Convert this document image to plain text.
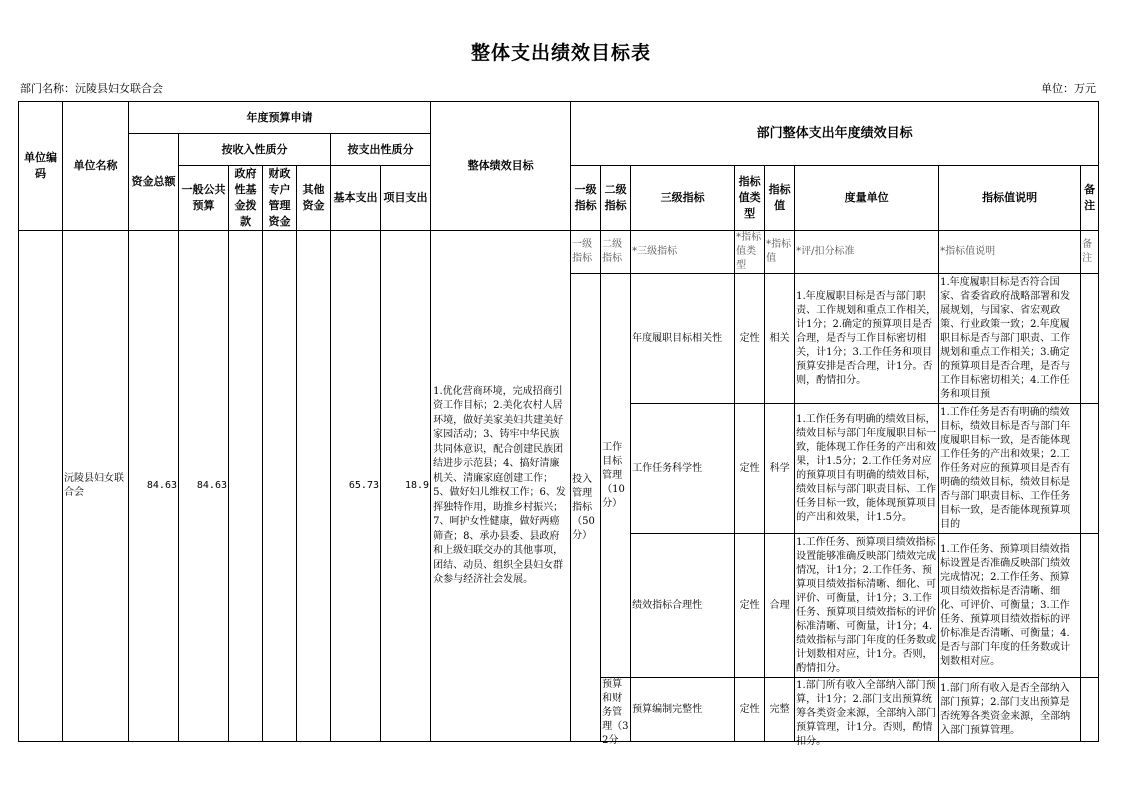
整体支出绩效目标表
部门名称：沅陵县妇女联合会	单位：万元
单位编码	单位名称	年度预算申请							整体绩效目标	部门整体支出年度绩效目标							
		资金总额	按收入性质分				按支出性质分										
			一般公共预算	政府性基金拨款	财政专户管理资金	其他资金	基本支出	项目支出		一级指标	二级指标	三级指标	指标值类型	指标值	度量单位	指标值说明	备注
	沅陵县妇女联合会	84.63	84.63				65.73	18.9	1.优化营商环境，完成招商引资工作目标；2.美化农村人居环境，做好美家美妇共建美好家园活动；3、铸牢中华民族共同体意识，配合创建民族团结进步示范县；4、搞好清廉机关、清廉家庭创建工作；5、做好妇儿维权工作；6、发挥独特作用，助推乡村振兴；7、呵护女性健康，做好两癌筛查；8、承办县委、县政府和上级妇联交办的其他事项，团结、动员、组织全县妇女群众参与经济社会发展。	一级指标	二级指标	*三级指标	*指标值类型	*指标值	*评/扣分标准	*指标值说明	备注
										投入管理指标（50分）	工作目标管理（10分）	年度履职目标相关性	定性	相关	1.年度履职目标是否与部门职责、工作规划和重点工作相关，计1分；2.确定的预算项目是否合理，是否与工作目标密切相关，计1分；3.工作任务和项目预算安排是否合理，计1分。否则，酌情扣分。	1.年度履职目标是否符合国家、省委省政府战略部署和发展规划，与国家、省宏观政策、行业政策一致；2.年度履职目标是否与部门职责、工作规划和重点工作相关；3.确定的预算项目是否合理，是否与工作目标密切相关；4.工作任务和项目预	

												工作任务科学性	定性	科学	1.工作任务有明确的绩效目标，绩效目标与部门年度履职目标一致，能体现工作任务的产出和效果，计1.5分；2.工作任务对应的预算项目有明确的绩效目标，绩效目标与部门职责目标、工作任务目标一致，能体现预算项目的产出和效果，计1.5分。	1.工作任务是否有明确的绩效目标，绩效目标是否与部门年度履职目标一致，是否能体现工作任务的产出和效果；2.工作任务对应的预算项目是否有明确的绩效目标，绩效目标是否与部门职责目标、工作任务目标一致，是否能体现预算项目的	

												绩效指标合理性	定性	合理	1.工作任务、预算项目绩效指标设置能够准确反映部门绩效完成情况，计1分；2.工作任务、预算项目绩效指标清晰、细化、可评价、可衡量，计1分；3.工作任务、预算项目绩效指标的评价标准清晰、可衡量，计1分；4.绩效指标与部门年度的任务数或计划数相对应，计1分。否则，酌情扣分。	1.工作任务、预算项目绩效指标设置是否准确反映部门绩效完成情况；2.工作任务、预算项目绩效指标是否清晰、细化、可评价、可衡量；3.工作任务、预算项目绩效指标的评价标准是否清晰、可衡量；4.是否与部门年度的任务数或计划数相对应。	

											预算和财务管理（32分	预算编制完整性	定性	完整	1.部门所有收入全部纳入部门预算，计1分；2.部门支出预算统筹各类资金来源，全部纳入部门预算管理，计1分。否则，酌情扣分。	1.部门所有收入是否全部纳入部门预算；2.部门支出预算是否统筹各类资金来源，全部纳入部门预算管理。	
